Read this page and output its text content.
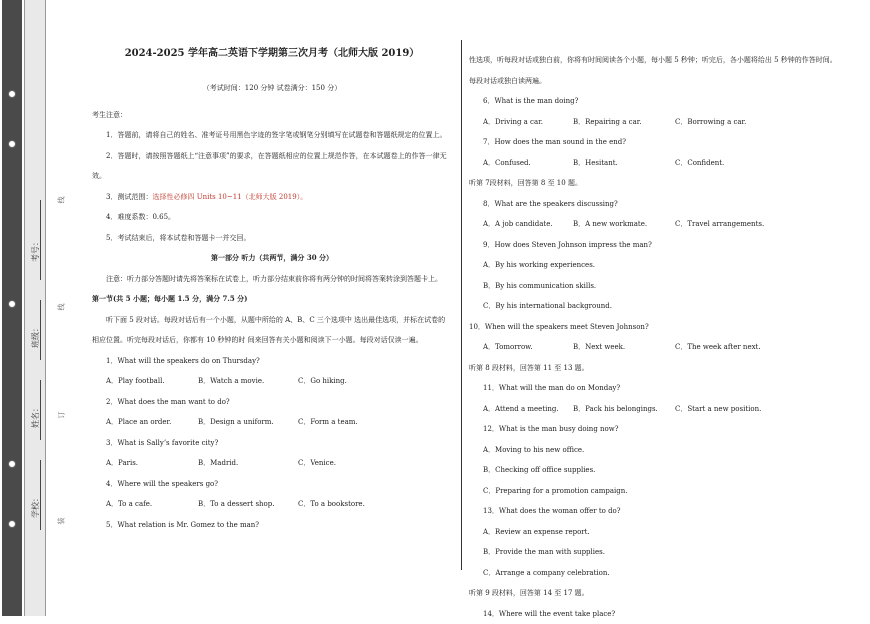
考号：
班级：
姓名：
学校：
线
线
订
装
2024-2025 学年高二英语下学期第三次月考（北师大版 2019）
（考试时间：120 分钟 试卷满分：150 分）
考生注意：
1．答题前，请将自己的姓名、准考证号用黑色字迹的签字笔或钢笔分别填写在试题卷和答题纸规定的位置上。
2．答题时，请按照答题纸上“注意事项”的要求，在答题纸相应的位置上规范作答，在本试题卷上的作答一律无效。
3．测试范围：选择性必修四 Units 10~11（北师大版 2019）。
4．难度系数：0.65。
5．考试结束后，将本试卷和答题卡一并交回。
第一部分 听力（共两节，满分 30 分）
注意：听力部分答题时请先将答案标在试卷上，听力部分结束前你将有两分钟的时间将答案转涂到答题卡上。
第一节(共 5 小题；每小题 1.5 分，满分 7.5 分)
听下面 5 段对话。每段对话后有一个小题，从题中所给的 A、B、C 三个选项中 选出最佳选项，并标在试卷的相应位置。听完每段对话后，你都有 10 秒钟的时 间来回答有关小题和阅读下一小题。每段对话仅读一遍。
1．What will the speakers do on Thursday?
A．Play football.	B．Watch a movie.	C．Go hiking.
2．What does the man want to do?
A．Place an order.	B．Design a uniform.	C．Form a team.
3．What is Sally’s favorite city?
A．Paris.	B．Madrid.	C．Venice.
4．Where will the speakers go?
A．To a cafe.	B．To a dessert shop.	C．To a bookstore.
5．What relation is Mr. Gomez to the man?
性选项，听每段对话或独白前，你将有时间阅读各个小题，每小题 5 秒钟；听完后，各小题将给出 5 秒钟的作答时间。每段对话或独白读两遍。
6．What is the man doing?
A．Driving a car.	B．Repairing a car.	C．Borrowing a car.
7．How does the man sound in the end?
A．Confused.	B．Hesitant.	C．Confident.
听第 7段材料，回答第 8 至 10 题。
8．What are the speakers discussing?
A．A job candidate.	B．A new workmate.	C．Travel arrangements.
9．How does Steven Johnson impress the man?
A．By his working experiences.
B．By his communication skills.
C．By his international background.
10．When will the speakers meet Steven Johnson?
A．Tomorrow.	B．Next week.	C．The week after next.
听第 8 段材料，回答第 11 至 13 题。
11．What will the man do on Monday?
A．Attend a meeting.	B．Pack his belongings.	C．Start a new position.
12．What is the man busy doing now?
A．Moving to his new office.
B．Checking off office supplies.
C．Preparing for a promotion campaign.
13．What does the woman offer to do?
A．Review an expense report.
B．Provide the man with supplies.
C．Arrange a company celebration.
听第 9 段材料，回答第 14 至 17 题。
14．Where will the event take place?
